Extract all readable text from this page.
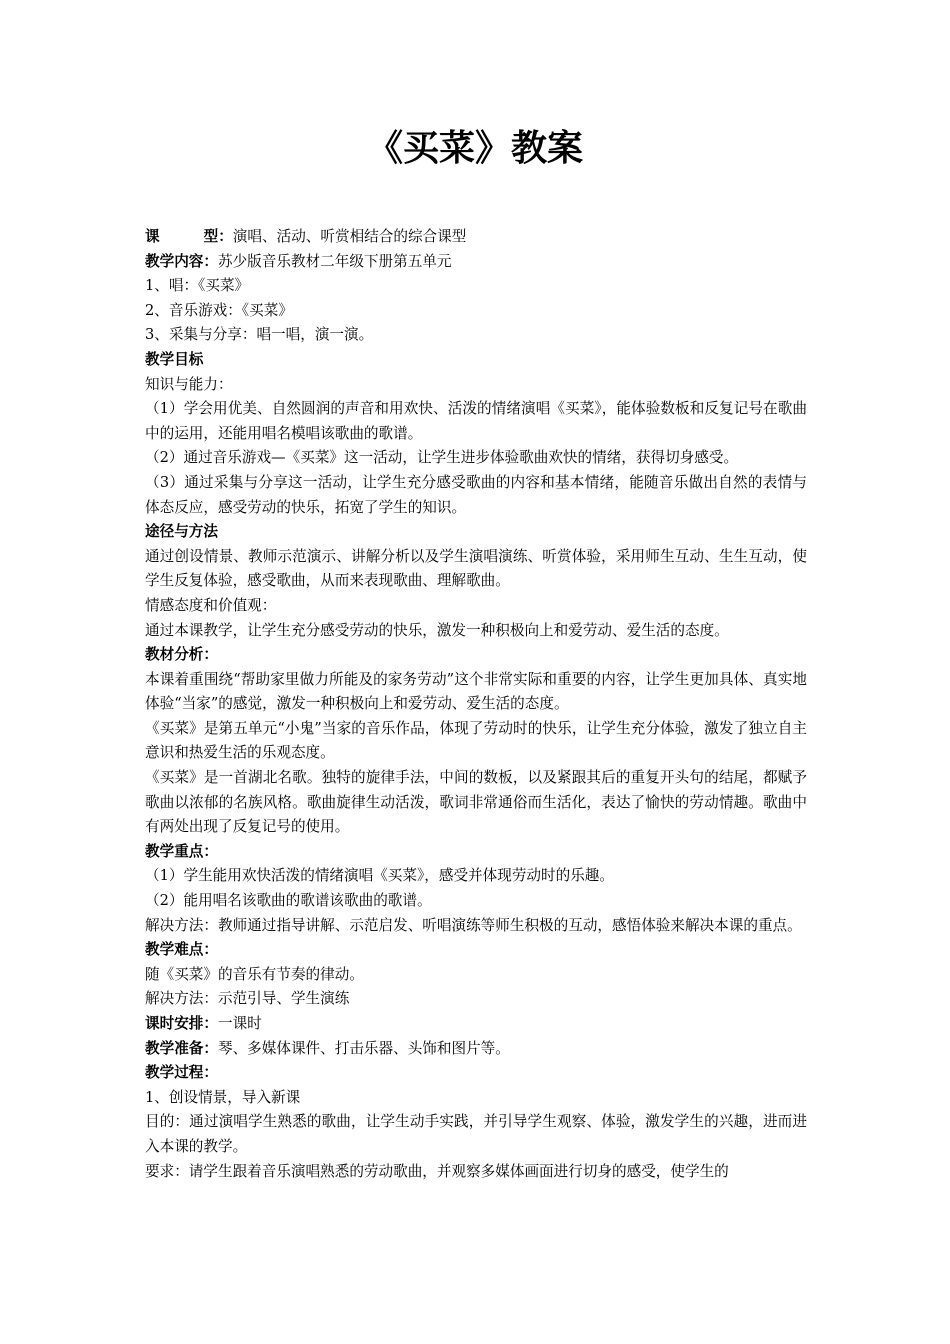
《买菜》教案

课	型：演唱、活动、听赏相结合的综合课型

教学内容：苏少版音乐教材二年级下册第五单元

1、唱：《买菜》

2、音乐游戏：《买菜》

3、采集与分享：唱一唱，演一演。

教学目标

知识与能力：

（1）学会用优美、自然圆润的声音和用欢快、活泼的情绪演唱《买菜》，能体验数板和反复记号在歌曲中的运用，还能用唱名模唱该歌曲的歌谱。

（2）通过音乐游戏—《买菜》这一活动，让学生进步体验歌曲欢快的情绪，获得切身感受。

（3）通过采集与分享这一活动，让学生充分感受歌曲的内容和基本情绪，能随音乐做出自然的表情与体态反应，感受劳动的快乐，拓宽了学生的知识。

途径与方法

通过创设情景、教师示范演示、讲解分析以及学生演唱演练、听赏体验，采用师生互动、生生互动，使学生反复体验，感受歌曲，从而来表现歌曲、理解歌曲。

情感态度和价值观：

通过本课教学，让学生充分感受劳动的快乐，激发一种积极向上和爱劳动、爱生活的态度。

教材分析：

本课着重围绕“帮助家里做力所能及的家务劳动”这个非常实际和重要的内容，让学生更加具体、真实地体验“当家”的感觉，激发一种积极向上和爱劳动、爱生活的态度。

《买菜》是第五单元“小鬼”当家的音乐作品，体现了劳动时的快乐，让学生充分体验，激发了独立自主意识和热爱生活的乐观态度。

《买菜》是一首湖北名歌。独特的旋律手法，中间的数板，以及紧跟其后的重复开头句的结尾，都赋予歌曲以浓郁的名族风格。歌曲旋律生动活泼，歌词非常通俗而生活化，表达了愉快的劳动情趣。歌曲中有两处出现了反复记号的使用。

教学重点：

（1）学生能用欢快活泼的情绪演唱《买菜》，感受并体现劳动时的乐趣。

（2）能用唱名该歌曲的歌谱该歌曲的歌谱。

解决方法：教师通过指导讲解、示范启发、听唱演练等师生积极的互动，感悟体验来解决本课的重点。

教学难点：

随《买菜》的音乐有节奏的律动。

解决方法：示范引导、学生演练

课时安排：一课时

教学准备：琴、多媒体课件、打击乐器、头饰和图片等。

教学过程：

1、创设情景，导入新课

目的：通过演唱学生熟悉的歌曲，让学生动手实践，并引导学生观察、体验，激发学生的兴趣，进而进入本课的教学。

要求：请学生跟着音乐演唱熟悉的劳动歌曲，并观察多媒体画面进行切身的感受，使学生的
